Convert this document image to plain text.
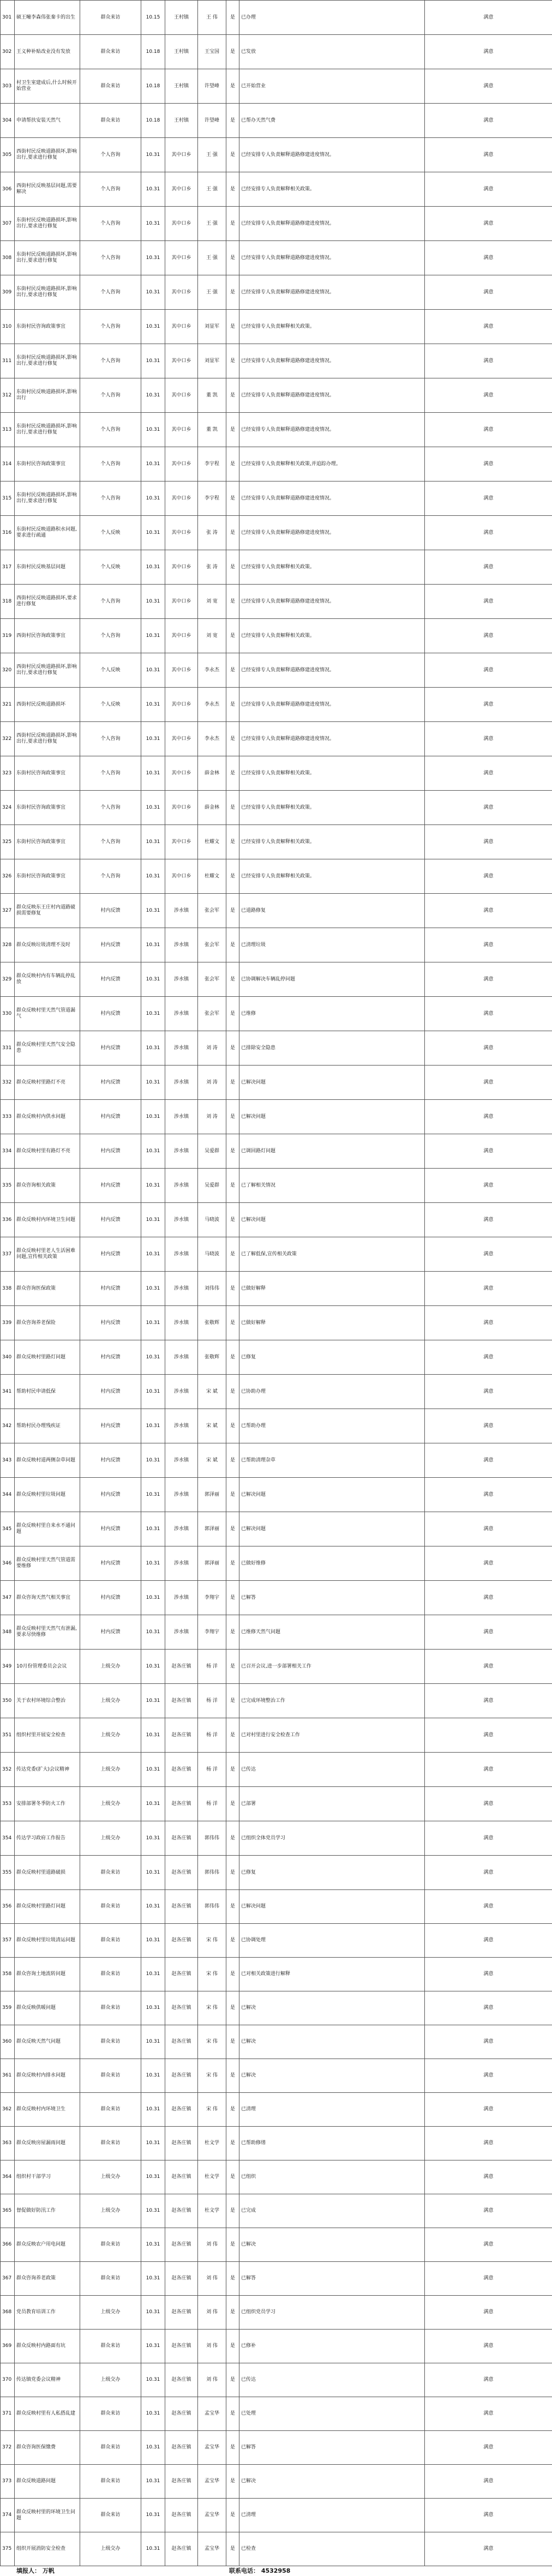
301	硕王疃李森伟张秦卡的出生	群众来访	10.15	王村镇	王 伟	是	已办理	满意
302	王义种补贴改业没有发放	群众来访	10.18	王村镇	王宝国	是	已发放	满意
303	村卫生室建成后,什么时候开始营业	群众来访	10.18	王村镇	许望峰	是	已开始营业	满意
304	申请帮扶安装天然气	群众来访	10.18	王村镇	许望峰	是	已帮办天然气费	满意
305	西街村民反映道路损坏,影响出行,要求进行修复	个人咨询	10.31	其中口乡	王 强	是	已经安排专人负责解释道路修建进度情况。	满意
306	西街村民反映基层问题,需要解决	个人咨询	10.31	其中口乡	王 强	是	已经安排专人负责解释相关政策。	满意
307	东街村民反映道路损坏,影响出行,要求进行修复	个人咨询	10.31	其中口乡	王 强	是	已经安排专人负责解释道路修建进度情况。	满意
308	东街村民反映道路损坏,影响出行,要求进行修复	个人咨询	10.31	其中口乡	王 强	是	已经安排专人负责解释道路修建进度情况。	满意
309	东街村民反映道路损坏,影响出行,要求进行修复	个人咨询	10.31	其中口乡	王 强	是	已经安排专人负责解释道路修建进度情况。	满意
310	东街村民咨询政策事宜	个人咨询	10.31	其中口乡	刘显军	是	已经安排专人负责解释相关政策。	满意
311	东街村民反映道路损坏,影响出行,要求进行修复	个人咨询	10.31	其中口乡	刘显军	是	已经安排专人负责解释道路修建进度情况。	满意
312	东街村民反映道路损坏,影响出行	个人咨询	10.31	其中口乡	董 凯	是	已经安排专人负责解释道路修建进度情况。	满意
313	东街村民反映道路损坏,影响出行,要求进行修复	个人咨询	10.31	其中口乡	董 凯	是	已经安排专人负责解释道路修建进度情况。	满意
314	东街村民咨询政策事宜	个人咨询	10.31	其中口乡	李宇程	是	已经安排专人负责解释相关政策,并追踪办理。	满意
315	东街村民反映道路损坏,影响出行,要求进行修复	个人咨询	10.31	其中口乡	李宇程	是	已经安排专人负责解释道路修建进度情况。	满意
316	东街村民反映道路积水问题,要求进行疏通	个人反映	10.31	其中口乡	张 涛	是	已经安排专人负责解释道路修建进度情况。	满意
317	东街村民反映基层问题	个人反映	10.31	其中口乡	张 涛	是	已经安排专人负责解释相关政策。	满意
318	西街村民反映道路损坏,要求进行修复	个人咨询	10.31	其中口乡	刘 宽	是	已经安排专人负责解释道路修建进度情况。	满意
319	西街村民咨询政策事宜	个人咨询	10.31	其中口乡	刘 宽	是	已经安排专人负责解释相关政策。	满意
320	西街村民反映道路损坏,影响出行,要求进行修复	个人反映	10.31	其中口乡	李永杰	是	已经安排专人负责解释道路修建进度情况。	满意
321	西街村民反映道路损坏	个人反映	10.31	其中口乡	李永杰	是	已经安排专人负责解释道路修建进度情况。	满意
322	西街村民反映道路损坏,影响出行,要求进行修复	个人咨询	10.31	其中口乡	李永杰	是	已经安排专人负责解释道路修建进度情况。	满意
323	东街村民咨询政策事宜	个人咨询	10.31	其中口乡	薛金林	是	已经安排专人负责解释相关政策。	满意
324	东街村民咨询政策事宜	个人咨询	10.31	其中口乡	薛金林	是	已经安排专人负责解释相关政策。	满意
325	东街村民咨询政策事宜	个人咨询	10.31	其中口乡	杜耀文	是	已经安排专人负责解释相关政策。	满意
326	东街村民咨询政策事宜	个人咨询	10.31	其中口乡	杜耀文	是	已经安排专人负责解释相关政策。	满意
327	群众反映东王庄村内道路破损需要修复	村内反馈	10.31	涉水镇	张会军	是	已道路修复	满意
328	群众反映垃圾清理不及时	村内反馈	10.31	涉水镇	张会军	是	已清理垃圾	满意
329	群众反映村内有车辆乱停乱放	村内反馈	10.31	涉水镇	张会军	是	已协调解决车辆乱停问题	满意
330	群众反映村里天然气管道漏气	村内反馈	10.31	涉水镇	张会军	是	已维修	满意
331	群众反映村里天然气安全隐患	村内反馈	10.31	涉水镇	刘 涛	是	已排除安全隐患	满意
332	群众反映村里路灯不亮	村内反馈	10.31	涉水镇	刘 涛	是	已解决问题	满意
333	群众反映村内供水问题	村内反馈	10.31	涉水镇	刘 涛	是	已解决问题	满意
334	群众反映村里有路灯不亮	村内反馈	10.31	涉水镇	吴爱群	是	已调回路灯问题	满意
335	群众咨询相关政策	村内反馈	10.31	涉水镇	吴爱群	是	已了解相关情况	满意
336	群众反映村内环境卫生问题	村内反馈	10.31	涉水镇	马晓波	是	已解决问题	满意
337	群众反映村里老人生活困难问题,宣传相关政策	村内反馈	10.31	涉水镇	马晓波	是	已了解低保,宣传相关政策	满意
338	群众咨询医保政策	村内反馈	10.31	涉水镇	刘伟伟	是	已做好解释	满意
339	群众咨询养老保险	村内反馈	10.31	涉水镇	张敬辉	是	已做好解释	满意
340	群众反映村里路灯问题	村内反馈	10.31	涉水镇	张敬辉	是	已修复	满意
341	帮助村民申请低保	村内反馈	10.31	涉水镇	宋 斌	是	已协助办理	满意
342	帮助村民办理残疾证	村内反馈	10.31	涉水镇	宋 斌	是	已帮助办理	满意
343	群众反映村道两侧杂草问题	村内反馈	10.31	涉水镇	宋 斌	是	已帮助清理杂草	满意
344	群众反映村里垃圾问题	村内反馈	10.31	涉水镇	郭泽丽	是	已解决问题	满意
345	群众反映村里自来水不通问题	村内反馈	10.31	涉水镇	郭泽丽	是	已解决问题	满意
346	群众反映村里天然气管道需要维修	村内反馈	10.31	涉水镇	郭泽丽	是	已做好维修	满意
347	群众咨询天然气相关事宜	村内反馈	10.31	涉水镇	李翔宇	是	已解答	满意
348	群众反映村里天然气有泄漏,要求尽快维修	村内反馈	10.31	涉水镇	李翔宇	是	已维修天然气问题	满意
349	10月份管理委员会会议	上级交办	10.31	赵各庄镇	杨 洋	是	已召开会议,进一步部署相关工作	满意
350	关于农村环境综合整治	上级交办	10.31	赵各庄镇	杨 洋	是	已完成环境整治工作	满意
351	组织村里开展安全检查	上级交办	10.31	赵各庄镇	杨 洋	是	已对村里进行安全检查工作	满意
352	传达党委(扩大)会议精神	上级交办	10.31	赵各庄镇	杨 洋	是	已传达	满意
353	安排部署冬季防火工作	上级交办	10.31	赵各庄镇	杨 洋	是	已部署	满意
354	传达学习政府工作报告	上级交办	10.31	赵各庄镇	郭伟伟	是	已组织全体党员学习	满意
355	群众反映村里道路破损	群众来访	10.31	赵各庄镇	郭伟伟	是	已修复	满意
356	群众反映村里路灯问题	群众来访	10.31	赵各庄镇	郭伟伟	是	已解决问题	满意
357	群众反映村里垃圾清运问题	群众来访	10.31	赵各庄镇	宋 伟	是	已协调处理	满意
358	群众咨询土地流转问题	群众来访	10.31	赵各庄镇	宋 伟	是	已对相关政策进行解释	满意
359	群众反映供暖问题	群众来访	10.31	赵各庄镇	宋 伟	是	已解决	满意
360	群众反映天然气问题	群众来访	10.31	赵各庄镇	宋 伟	是	已解决	满意
361	群众反映村内排水问题	群众来访	10.31	赵各庄镇	宋 伟	是	已解决	满意
362	群众反映村内环境卫生	群众来访	10.31	赵各庄镇	宋 伟	是	已清理	满意
363	群众反映房屋漏雨问题	群众来访	10.31	赵各庄镇	杜文学	是	已帮助修缮	满意
364	组织村干部学习	上级交办	10.31	赵各庄镇	杜文学	是	已组织	满意
365	督促做好防汛工作	上级交办	10.31	赵各庄镇	杜文学	是	已完成	满意
366	群众反映农户用电问题	群众来访	10.31	赵各庄镇	刘 伟	是	已解决	满意
367	群众咨询养老政策	群众来访	10.31	赵各庄镇	刘 伟	是	已解答	满意
368	党员教育培训工作	上级交办	10.31	赵各庄镇	刘 伟	是	已组织党员学习	满意
369	群众反映村内路面有坑	群众来访	10.31	赵各庄镇	刘 伟	是	已修补	满意
370	传达镇党委会议精神	上级交办	10.31	赵各庄镇	刘 伟	是	已传达	满意
371	群众反映村里有人私搭乱建	群众来访	10.31	赵各庄镇	孟宝华	是	已处理	满意
372	群众咨询医保缴费	群众来访	10.31	赵各庄镇	孟宝华	是	已解答	满意
373	群众反映道路问题	群众来访	10.31	赵各庄镇	孟宝华	是	已解决	满意
374	群众反映村里的环境卫生问题	群众来访	10.31	赵各庄镇	孟宝华	是	已清理	满意
375	组织开展消防安全检查	上级交办	10.31	赵各庄镇	孟宝华	是	已检查	满意
填报人： 万帆	联系电话： 4532958
